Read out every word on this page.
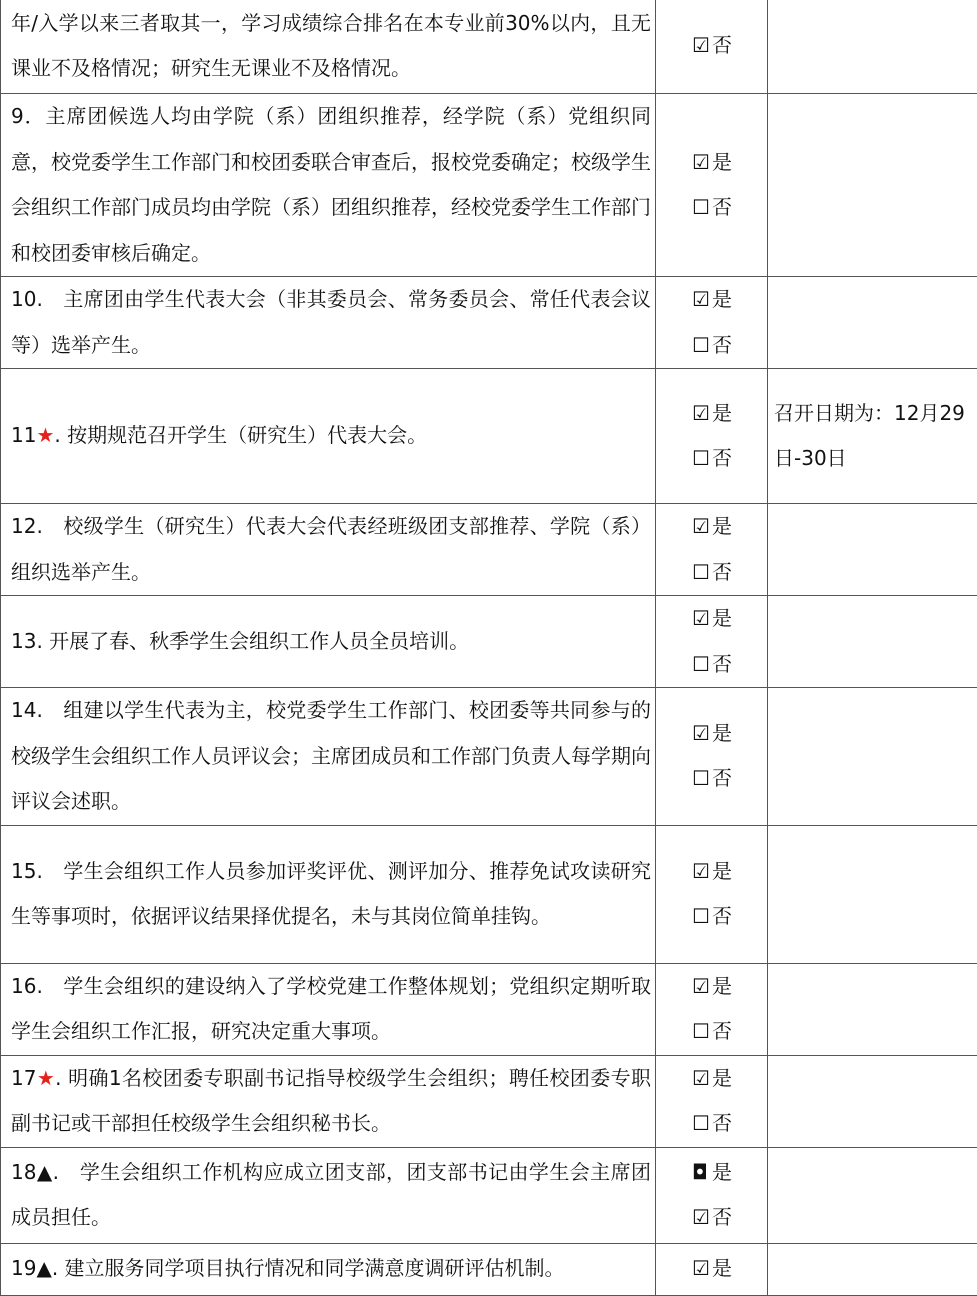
年/入学以来三者取其一，学习成绩综合排名在本专业前30%以内，且无课业不及格情况；研究生无课业不及格情况。

☑否

9．主席团候选人均由学院（系）团组织推荐，经学院（系）党组织同意，校党委学生工作部门和校团委联合审查后，报校党委确定；校级学生会组织工作部门成员均由学院（系）团组织推荐，经校党委学生工作部门和校团委审核后确定。

☑是
☐否

10.　主席团由学生代表大会（非其委员会、常务委员会、常任代表会议等）选举产生。

☑是
☐否

11★. 按期规范召开学生（研究生）代表大会。

☑是
☐否	召开日期为：12月29日-30日

12.　校级学生（研究生）代表大会代表经班级团支部推荐、学院（系）组织选举产生。

☑是
☐否

13. 开展了春、秋季学生会组织工作人员全员培训。

☑是
☐否

14.　组建以学生代表为主，校党委学生工作部门、校团委等共同参与的校级学生会组织工作人员评议会；主席团成员和工作部门负责人每学期向评议会述职。

☑是
☐否

15.　学生会组织工作人员参加评奖评优、测评加分、推荐免试攻读研究生等事项时，依据评议结果择优提名，未与其岗位简单挂钩。

☑是
☐否

16.　学生会组织的建设纳入了学校党建工作整体规划；党组织定期听取学生会组织工作汇报，研究决定重大事项。

☑是
☐否

17★. 明确1名校团委专职副书记指导校级学生会组织；聘任校团委专职副书记或干部担任校级学生会组织秘书长。

☑是
☐否

18▲.　学生会组织工作机构应成立团支部，团支部书记由学生会主席团成员担任。

◘是
☑否

19▲. 建立服务同学项目执行情况和同学满意度调研评估机制。

☑是
